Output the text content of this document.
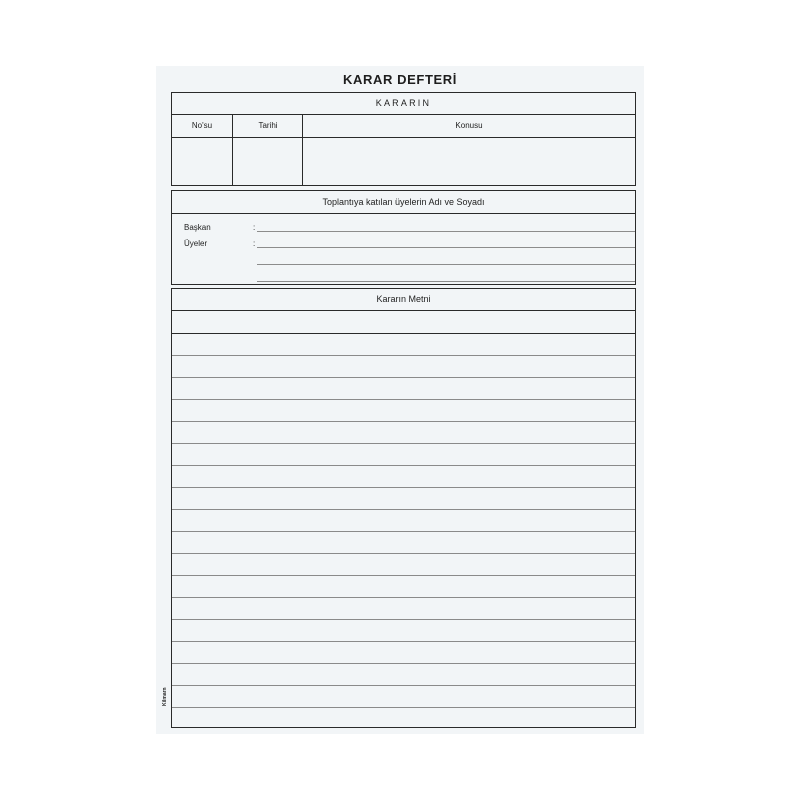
KARAR DEFTERİ
KARARIN
No'su	Tarihi	Konusu
Toplantıya katılan üyelerin Adı ve Soyadı
Başkan	:
Üyeler	:
Kararın Metni
Kilmarn
